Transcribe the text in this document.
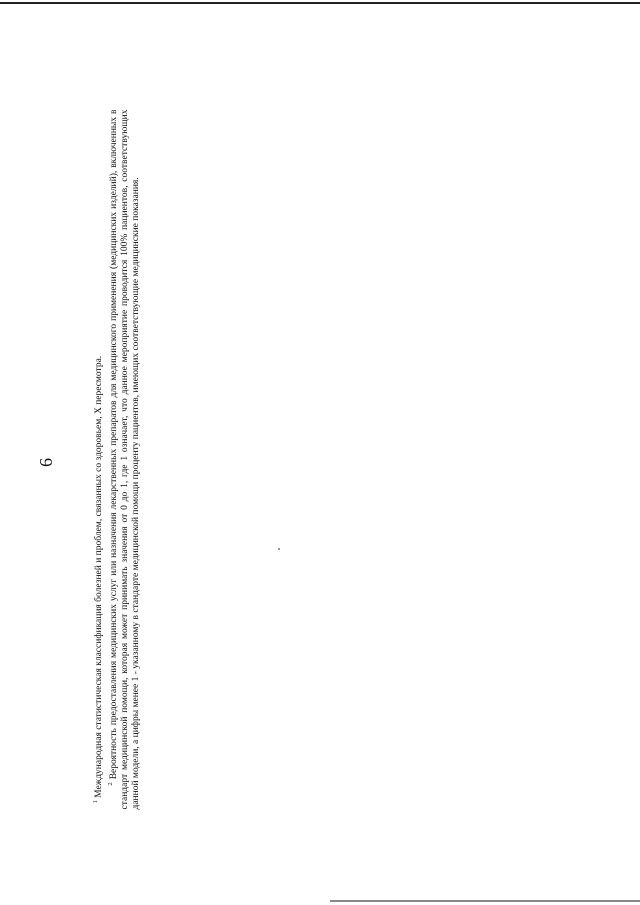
6

$^1$ Международная статистическая классификация болезней и проблем, связанных со здоровьем, X пересмотра. $^2$ Вероятность предоставления медицинских услуг или назначения лекарственных препаратов для медицинского применения (медицинских изделий), включенных в стандарт медицинской помощи, которая может принимать значения от 0 до 1, где 1 означает, что данное мероприятие проводится 100% пациентов, соответствующих данной модели, а цифры менее 1 - указанному в стандарте медицинской помощи проценту пациентов, имеющих соответствующие медицинские показания.
